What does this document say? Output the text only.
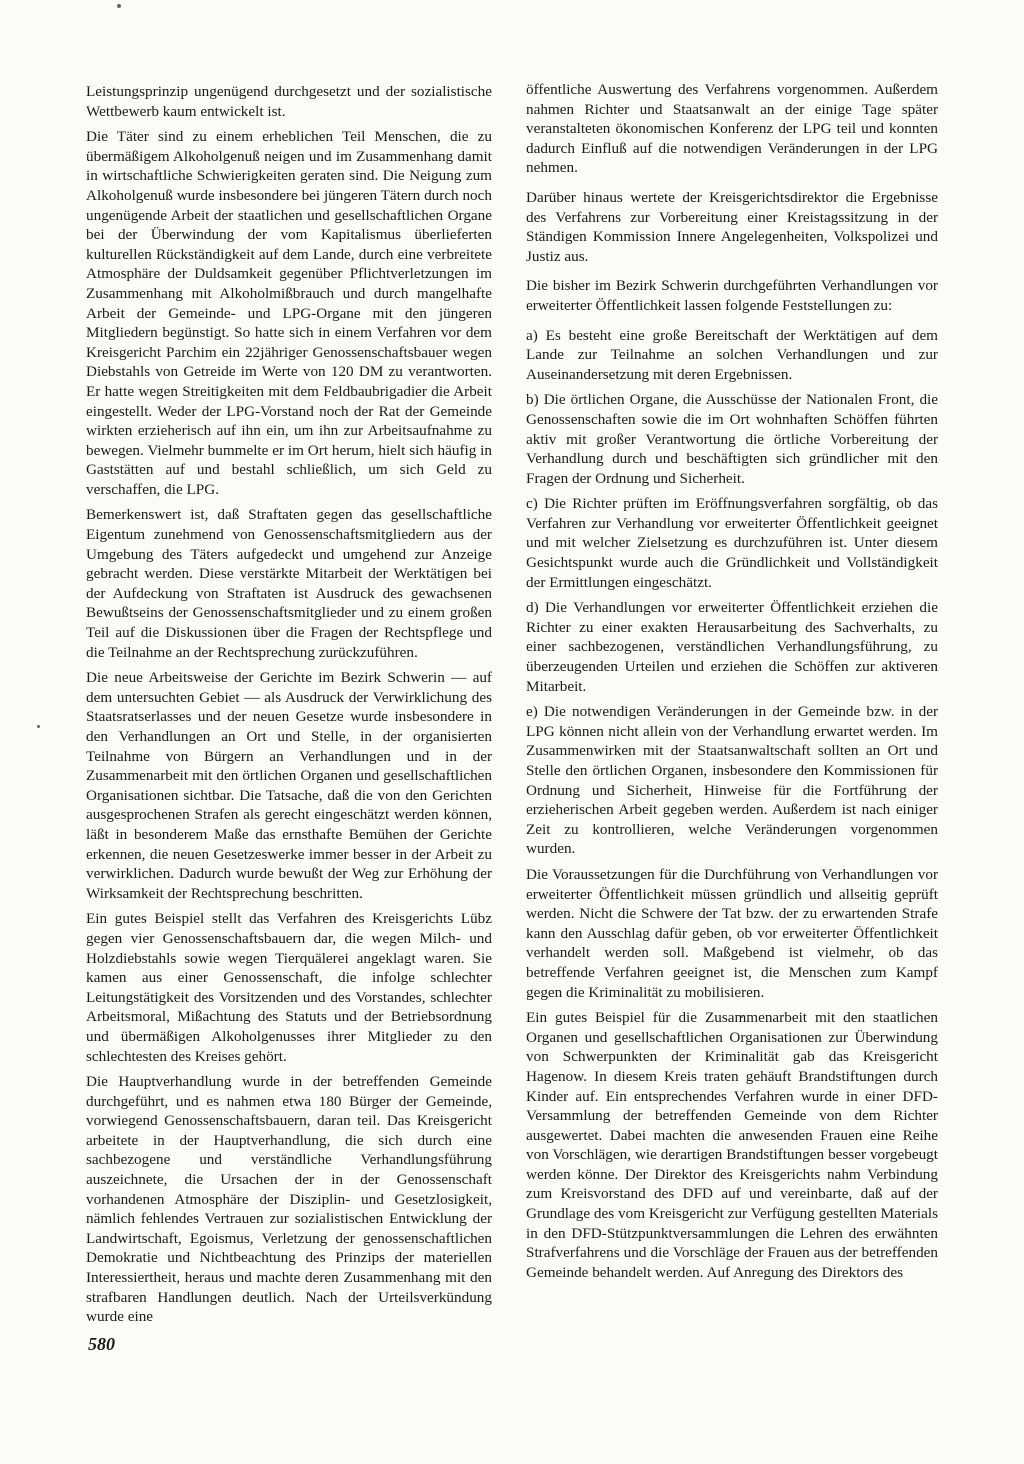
Leistungsprinzip ungenügend durchgesetzt und der sozialistische Wettbewerb kaum entwickelt ist.

Die Täter sind zu einem erheblichen Teil Menschen, die zu übermäßigem Alkoholgenuß neigen und im Zusammenhang damit in wirtschaftliche Schwierigkeiten geraten sind. Die Neigung zum Alkoholgenuß wurde insbesondere bei jüngeren Tätern durch noch ungenügende Arbeit der staatlichen und gesellschaftlichen Organe bei der Überwindung der vom Kapitalismus überlieferten kulturellen Rückständigkeit auf dem Lande, durch eine verbreitete Atmosphäre der Duldsamkeit gegenüber Pflichtverletzungen im Zusammenhang mit Alkoholmißbrauch und durch mangelhafte Arbeit der Gemeinde- und LPG-Organe mit den jüngeren Mitgliedern begünstigt. So hatte sich in einem Verfahren vor dem Kreisgericht Parchim ein 22jähriger Genossenschaftsbauer wegen Diebstahls von Getreide im Werte von 120 DM zu verantworten. Er hatte wegen Streitigkeiten mit dem Feldbaubrigadier die Arbeit eingestellt. Weder der LPG-Vorstand noch der Rat der Gemeinde wirkten erzieherisch auf ihn ein, um ihn zur Arbeitsaufnahme zu bewegen. Vielmehr bummelte er im Ort herum, hielt sich häufig in Gaststätten auf und bestahl schließlich, um sich Geld zu verschaffen, die LPG.

Bemerkenswert ist, daß Straftaten gegen das gesellschaftliche Eigentum zunehmend von Genossenschaftsmitgliedern aus der Umgebung des Täters aufgedeckt und umgehend zur Anzeige gebracht werden. Diese verstärkte Mitarbeit der Werktätigen bei der Aufdeckung von Straftaten ist Ausdruck des gewachsenen Bewußtseins der Genossenschaftsmitglieder und zu einem großen Teil auf die Diskussionen über die Fragen der Rechtspflege und die Teilnahme an der Rechtsprechung zurückzuführen.

Die neue Arbeitsweise der Gerichte im Bezirk Schwerin — auf dem untersuchten Gebiet — als Ausdruck der Verwirklichung des Staatsratserlasses und der neuen Gesetze wurde insbesondere in den Verhandlungen an Ort und Stelle, in der organisierten Teilnahme von Bürgern an Verhandlungen und in der Zusammenarbeit mit den örtlichen Organen und gesellschaftlichen Organisationen sichtbar. Die Tatsache, daß die von den Gerichten ausgesprochenen Strafen als gerecht eingeschätzt werden können, läßt in besonderem Maße das ernsthafte Bemühen der Gerichte erkennen, die neuen Gesetzeswerke immer besser in der Arbeit zu verwirklichen. Dadurch wurde bewußt der Weg zur Erhöhung der Wirksamkeit der Rechtsprechung beschritten.

Ein gutes Beispiel stellt das Verfahren des Kreisgerichts Lübz gegen vier Genossenschaftsbauern dar, die wegen Milch- und Holzdiebstahls sowie wegen Tierquälerei angeklagt waren. Sie kamen aus einer Genossenschaft, die infolge schlechter Leitungstätigkeit des Vorsitzenden und des Vorstandes, schlechter Arbeitsmoral, Mißachtung des Statuts und der Betriebsordnung und übermäßigen Alkoholgenusses ihrer Mitglieder zu den schlechtesten des Kreises gehört.

Die Hauptverhandlung wurde in der betreffenden Gemeinde durchgeführt, und es nahmen etwa 180 Bürger der Gemeinde, vorwiegend Genossenschaftsbauern, daran teil. Das Kreisgericht arbeitete in der Hauptverhandlung, die sich durch eine sachbezogene und verständliche Verhandlungsführung auszeichnete, die Ursachen der in der Genossenschaft vorhandenen Atmosphäre der Disziplin- und Gesetzlosigkeit, nämlich fehlendes Vertrauen zur sozialistischen Entwicklung der Landwirtschaft, Egoismus, Verletzung der genossenschaftlichen Demokratie und Nichtbeachtung des Prinzips der materiellen Interessiertheit, heraus und machte deren Zusammenhang mit den strafbaren Handlungen deutlich. Nach der Urteilsverkündung wurde eine

öffentliche Auswertung des Verfahrens vorgenommen. Außerdem nahmen Richter und Staatsanwalt an der einige Tage später veranstalteten ökonomischen Konferenz der LPG teil und konnten dadurch Einfluß auf die notwendigen Veränderungen in der LPG nehmen.

Darüber hinaus wertete der Kreisgerichtsdirektor die Ergebnisse des Verfahrens zur Vorbereitung einer Kreistagssitzung in der Ständigen Kommission Innere Angelegenheiten, Volkspolizei und Justiz aus.

Die bisher im Bezirk Schwerin durchgeführten Verhandlungen vor erweiterter Öffentlichkeit lassen folgende Feststellungen zu:

a) Es besteht eine große Bereitschaft der Werktätigen auf dem Lande zur Teilnahme an solchen Verhandlungen und zur Auseinandersetzung mit deren Ergebnissen.

b) Die örtlichen Organe, die Ausschüsse der Nationalen Front, die Genossenschaften sowie die im Ort wohnhaften Schöffen führten aktiv mit großer Verantwortung die örtliche Vorbereitung der Verhandlung durch und beschäftigten sich gründlicher mit den Fragen der Ordnung und Sicherheit.

c) Die Richter prüften im Eröffnungsverfahren sorgfältig, ob das Verfahren zur Verhandlung vor erweiterter Öffentlichkeit geeignet und mit welcher Zielsetzung es durchzuführen ist. Unter diesem Gesichtspunkt wurde auch die Gründlichkeit und Vollständigkeit der Ermittlungen eingeschätzt.

d) Die Verhandlungen vor erweiterter Öffentlichkeit erziehen die Richter zu einer exakten Herausarbeitung des Sachverhalts, zu einer sachbezogenen, verständlichen Verhandlungsführung, zu überzeugenden Urteilen und erziehen die Schöffen zur aktiveren Mitarbeit.

e) Die notwendigen Veränderungen in der Gemeinde bzw. in der LPG können nicht allein von der Verhandlung erwartet werden. Im Zusammenwirken mit der Staatsanwaltschaft sollten an Ort und Stelle den örtlichen Organen, insbesondere den Kommissionen für Ordnung und Sicherheit, Hinweise für die Fortführung der erzieherischen Arbeit gegeben werden. Außerdem ist nach einiger Zeit zu kontrollieren, welche Veränderungen vorgenommen wurden.

Die Voraussetzungen für die Durchführung von Verhandlungen vor erweiterter Öffentlichkeit müssen gründlich und allseitig geprüft werden. Nicht die Schwere der Tat bzw. der zu erwartenden Strafe kann den Ausschlag dafür geben, ob vor erweiterter Öffentlichkeit verhandelt werden soll. Maßgebend ist vielmehr, ob das betreffende Verfahren geeignet ist, die Menschen zum Kampf gegen die Kriminalität zu mobilisieren.

Ein gutes Beispiel für die Zusammenarbeit mit den staatlichen Organen und gesellschaftlichen Organisationen zur Überwindung von Schwerpunkten der Kriminalität gab das Kreisgericht Hagenow. In diesem Kreis traten gehäuft Brandstiftungen durch Kinder auf. Ein entsprechendes Verfahren wurde in einer DFD-Versammlung der betreffenden Gemeinde von dem Richter ausgewertet. Dabei machten die anwesenden Frauen eine Reihe von Vorschlägen, wie derartigen Brandstiftungen besser vorgebeugt werden könne. Der Direktor des Kreisgerichts nahm Verbindung zum Kreisvorstand des DFD auf und vereinbarte, daß auf der Grundlage des vom Kreisgericht zur Verfügung gestellten Materials in den DFD-Stützpunktversammlungen die Lehren des erwähnten Strafverfahrens und die Vorschläge der Frauen aus der betreffenden Gemeinde behandelt werden. Auf Anregung des Direktors des

580
